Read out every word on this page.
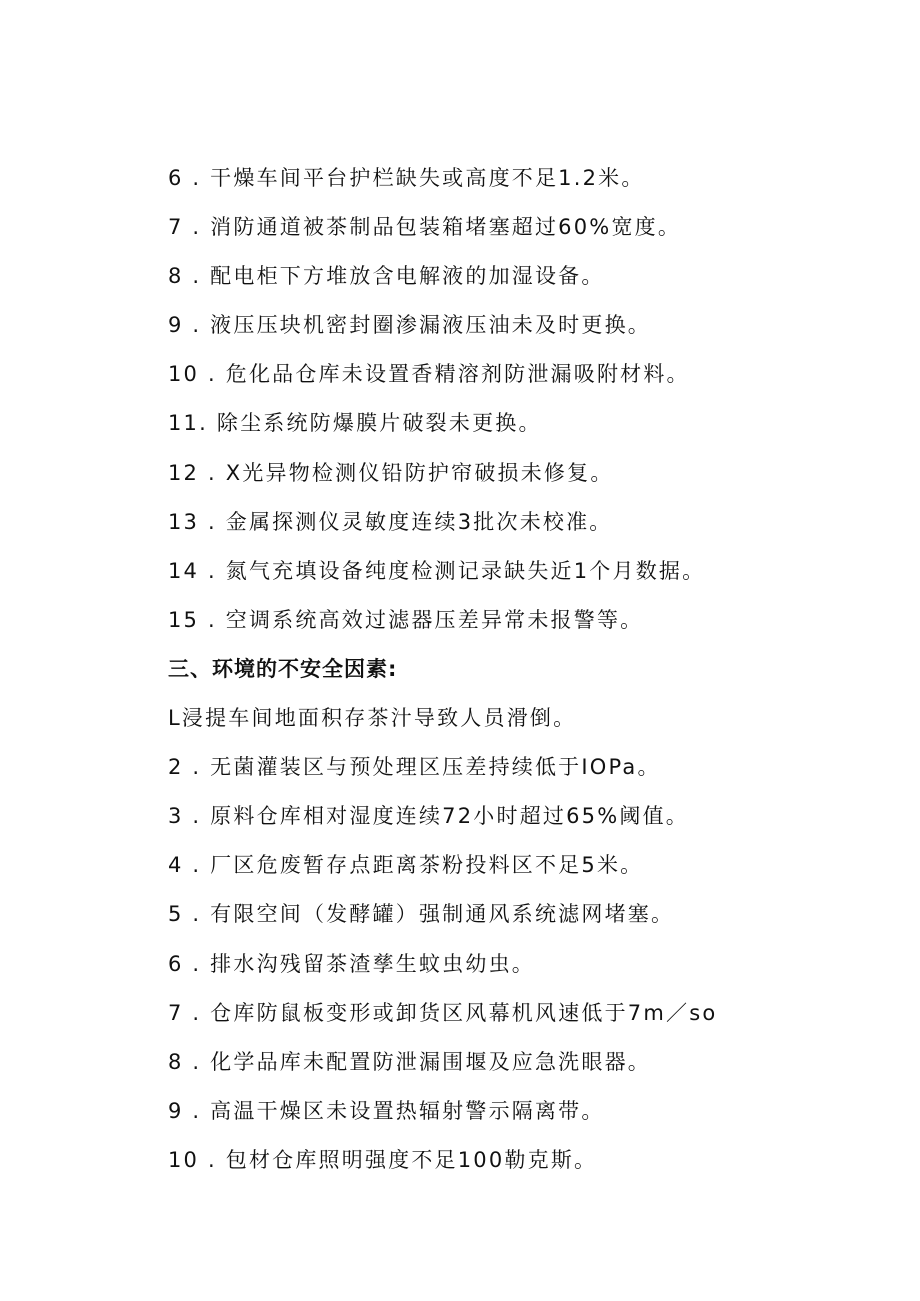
6 . 干燥车间平台护栏缺失或高度不足1.2米。
7 . 消防通道被茶制品包装箱堵塞超过60%宽度。
8 . 配电柜下方堆放含电解液的加湿设备。
9 . 液压压块机密封圈渗漏液压油未及时更换。
10 . 危化品仓库未设置香精溶剂防泄漏吸附材料。
11. 除尘系统防爆膜片破裂未更换。
12 . X光异物检测仪铅防护帘破损未修复。
13 . 金属探测仪灵敏度连续3批次未校准。
14 . 氮气充填设备纯度检测记录缺失近1个月数据。
15 . 空调系统高效过滤器压差异常未报警等。
三、环境的不安全因素:
L浸提车间地面积存茶汁导致人员滑倒。
2 . 无菌灌装区与预处理区压差持续低于IOPa。
3 . 原料仓库相对湿度连续72小时超过65%阈值。
4 . 厂区危废暂存点距离茶粉投料区不足5米。
5 . 有限空间（发酵罐）强制通风系统滤网堵塞。
6 . 排水沟残留茶渣孳生蚊虫幼虫。
7 . 仓库防鼠板变形或卸货区风幕机风速低于7m／so
8 . 化学品库未配置防泄漏围堰及应急洗眼器。
9 . 高温干燥区未设置热辐射警示隔离带。
10 . 包材仓库照明强度不足100勒克斯。
